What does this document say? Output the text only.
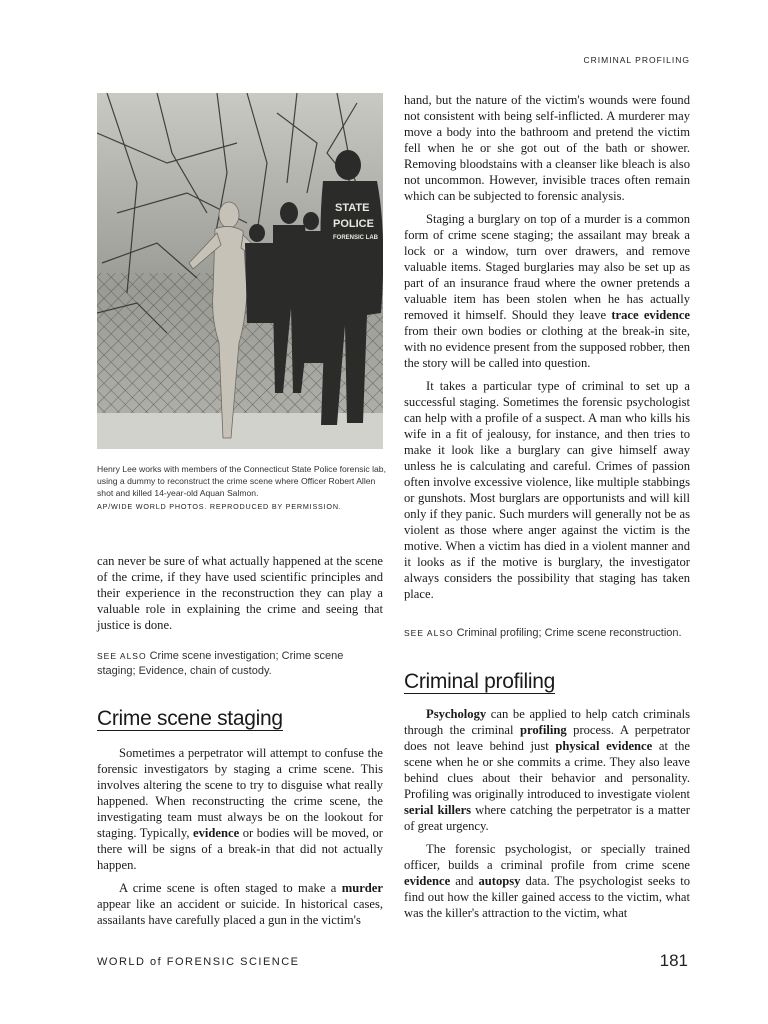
CRIMINAL PROFILING
STATE
POLICE
FORENSIC LAB
Henry Lee works with members of the Connecticut State Police forensic lab, using a dummy to reconstruct the crime scene where Officer Robert Allen shot and killed 14-year-old Aquan Salmon.
AP/WIDE WORLD PHOTOS. REPRODUCED BY PERMISSION.

can never be sure of what actually happened at the scene of the crime, if they have used scientific principles and their experience in the reconstruction they can play a valuable role in explaining the crime and seeing that justice is done.

SEE ALSO Crime scene investigation; Crime scene staging; Evidence, chain of custody.

Crime scene staging

Sometimes a perpetrator will attempt to confuse the forensic investigators by staging a crime scene. This involves altering the scene to try to disguise what really happened. When reconstructing the crime scene, the investigating team must always be on the lookout for staging. Typically, evidence or bodies will be moved, or there will be signs of a break-in that did not actually happen.

A crime scene is often staged to make a murder appear like an accident or suicide. In historical cases, assailants have carefully placed a gun in the victim's

hand, but the nature of the victim's wounds were found not consistent with being self-inflicted. A murderer may move a body into the bathroom and pretend the victim fell when he or she got out of the bath or shower. Removing bloodstains with a cleanser like bleach is also not uncommon. However, invisible traces often remain which can be subjected to forensic analysis.

Staging a burglary on top of a murder is a common form of crime scene staging; the assailant may break a lock or a window, turn over drawers, and remove valuable items. Staged burglaries may also be set up as part of an insurance fraud where the owner pretends a valuable item has been stolen when he has actually removed it himself. Should they leave trace evidence from their own bodies or clothing at the break-in site, with no evidence present from the supposed robber, then the story will be called into question.

It takes a particular type of criminal to set up a successful staging. Sometimes the forensic psychologist can help with a profile of a suspect. A man who kills his wife in a fit of jealousy, for instance, and then tries to make it look like a burglary can give himself away unless he is calculating and careful. Crimes of passion often involve excessive violence, like multiple stabbings or gunshots. Most burglars are opportunists and will kill only if they panic. Such murders will generally not be as violent as those where anger against the victim is the motive. When a victim has died in a violent manner and it looks as if the motive is burglary, the investigator always considers the possibility that staging has taken place.

SEE ALSO Criminal profiling; Crime scene reconstruction.

Criminal profiling

Psychology can be applied to help catch criminals through the criminal profiling process. A perpetrator does not leave behind just physical evidence at the scene when he or she commits a crime. They also leave behind clues about their behavior and personality. Profiling was originally introduced to investigate violent serial killers where catching the perpetrator is a matter of great urgency.

The forensic psychologist, or specially trained officer, builds a criminal profile from crime scene evidence and autopsy data. The psychologist seeks to find out how the killer gained access to the victim, what was the killer's attraction to the victim, what

WORLD of FORENSIC SCIENCE	181
